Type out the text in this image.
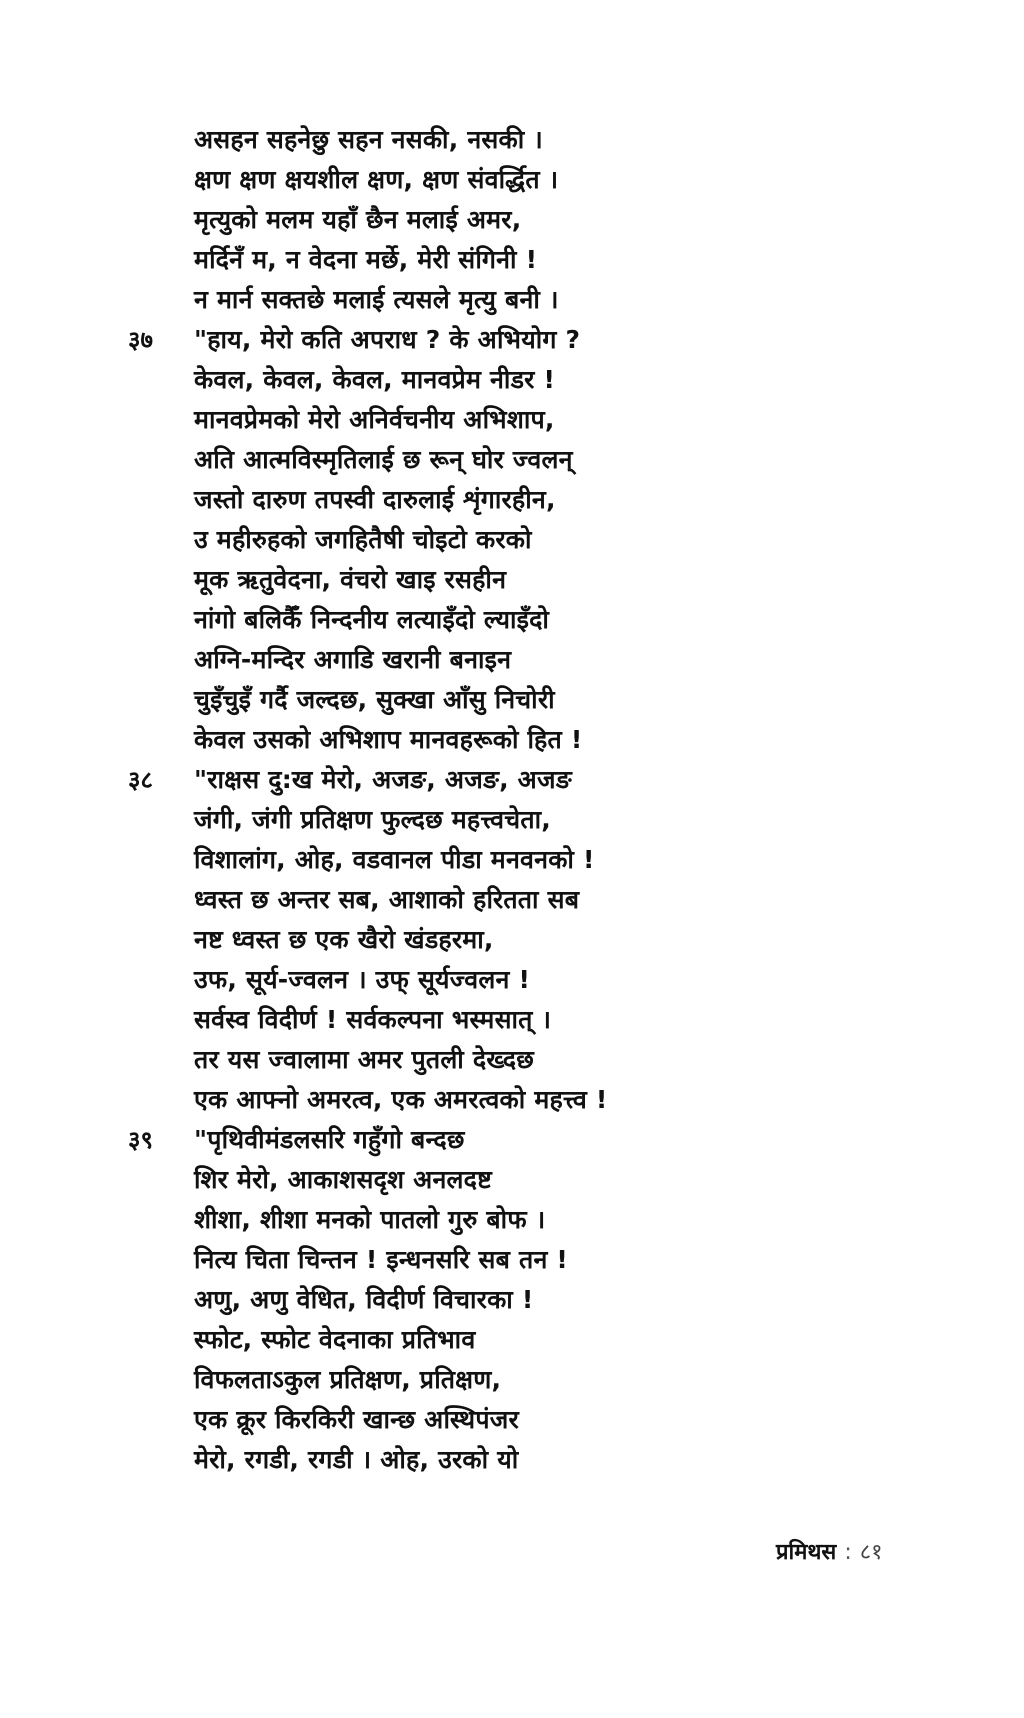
असहन सहनेछु सहन नसकी, नसकी ।
क्षण क्षण क्षयशील क्षण, क्षण संवर्द्धित ।
मृत्युको मलम यहाँ छैन मलाई अमर,
मर्दिनँ म, न वेदना मर्छे, मेरी संगिनी !
न मार्न सक्तछे मलाई त्यसले मृत्यु बनी ।
३७ "हाय, मेरो कति अपराध ? के अभियोग ?
केवल, केवल, केवल, मानवप्रेम नीडर !
मानवप्रेमको मेरो अनिर्वचनीय अभिशाप,
अति आत्मविस्मृतिलाई छ रून् घोर ज्वलन्
जस्तो दारुण तपस्वी दारुलाई शृंगारहीन,
उ महीरुहको जगहितैषी चोइटो करको
मूक ऋतुवेदना, वंचरो खाइ रसहीन
नांगो बलिकैँ निन्दनीय लत्याइँदो ल्याइँदो
अग्नि-मन्दिर अगाडि खरानी बनाइन
चुइँचुइँ गर्दै जल्दछ, सुक्खा आँसु निचोरी
केवल उसको अभिशाप मानवहरूको हित !
३८ "राक्षस दु:ख मेरो, अजङ, अजङ, अजङ
जंगी, जंगी प्रतिक्षण फुल्दछ महत्त्वचेता,
विशालांग, ओह, वडवानल पीडा मनवनको !
ध्वस्त छ अन्तर सब, आशाको हरितता सब
नष्ट ध्वस्त छ एक खैरो खंडहरमा,
उफ, सूर्य-ज्वलन । उफ् सूर्यज्वलन !
सर्वस्व विदीर्ण ! सर्वकल्पना भस्मसात् ।
तर यस ज्वालामा अमर पुतली देख्दछ
एक आफ्नो अमरत्व, एक अमरत्वको महत्त्व !
३९ "पृथिवीमंडलसरि गहुँगो बन्दछ
शिर मेरो, आकाशसदृश अनलदष्ट
शीशा, शीशा मनको पातलो गुरु बोफ ।
नित्य चिता चिन्तन ! इन्धनसरि सब तन !
अणु, अणु वेधित, विदीर्ण विचारका !
स्फोट, स्फोट वेदनाका प्रतिभाव
विफलताऽकुल प्रतिक्षण, प्रतिक्षण,
एक क्रूर किरकिरी खान्छ अस्थिपंजर
मेरो, रगडी, रगडी । ओह, उरको यो
प्रमिथस : ८१
